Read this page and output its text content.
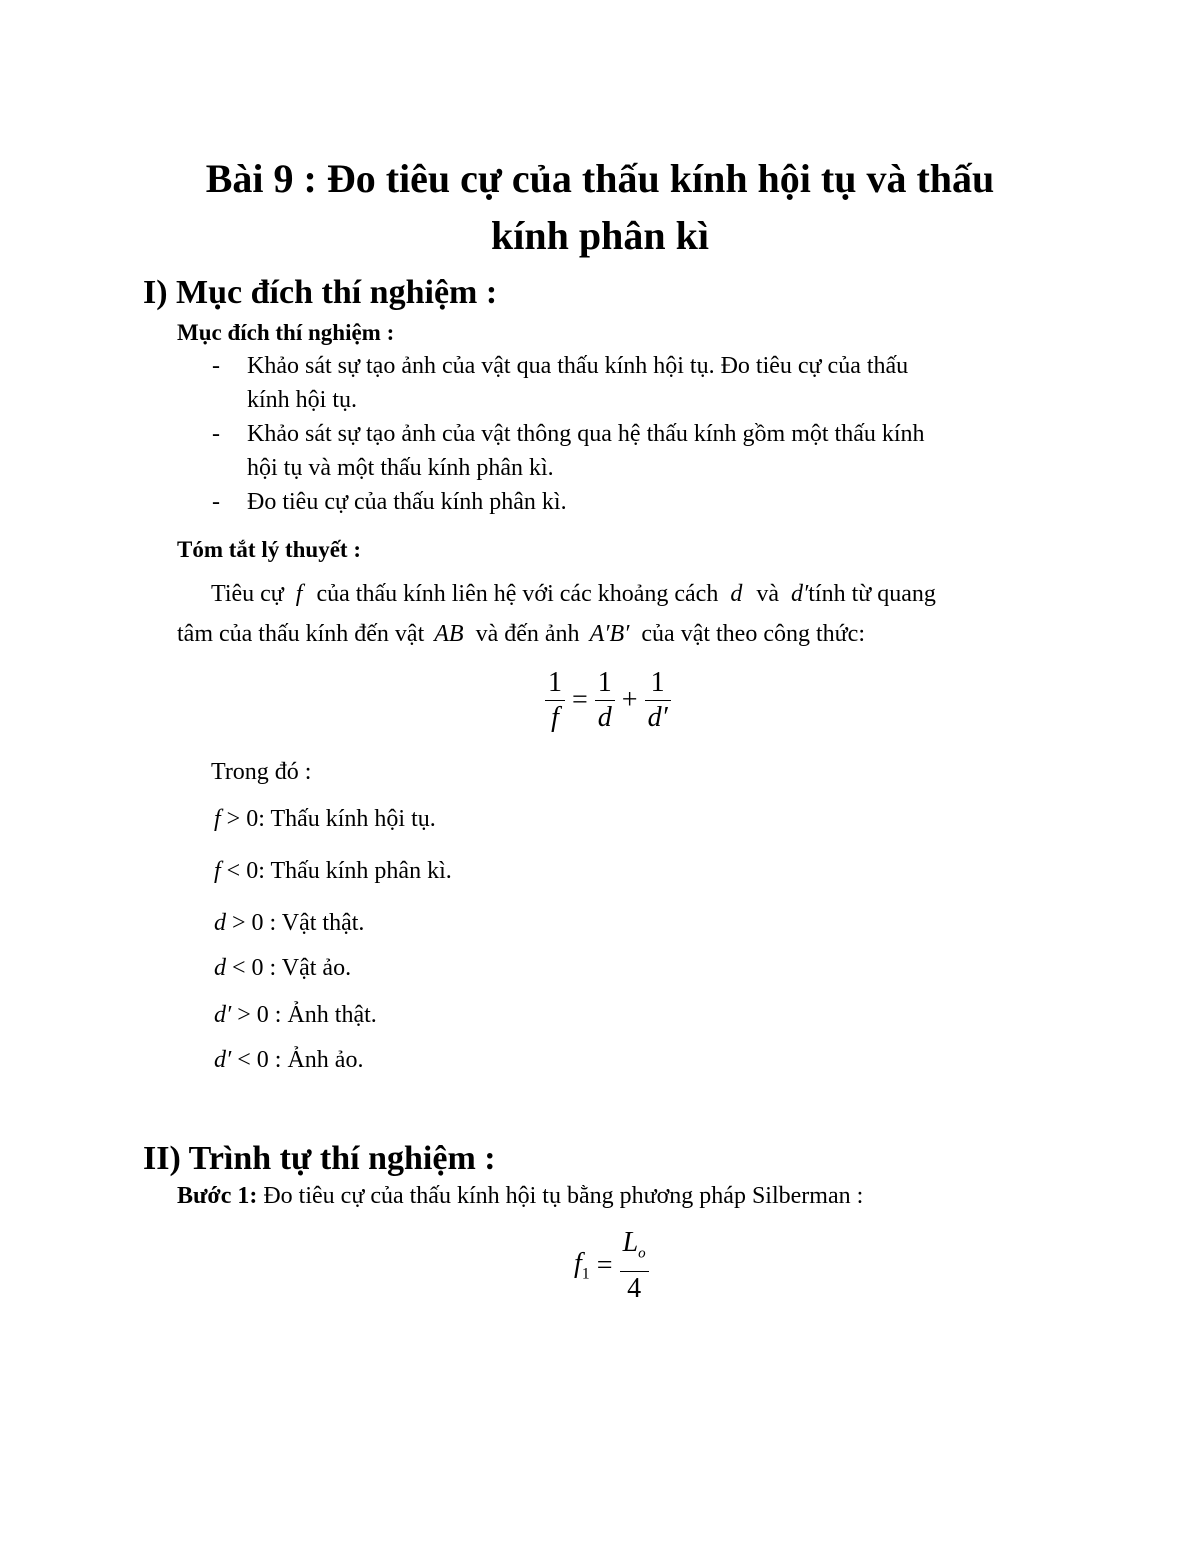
Bài 9 : Đo tiêu cự của thấu kính hội tụ và thấu
kính phân kì
I) Mục đích thí nghiệm :
Mục đích thí nghiệm :
- Khảo sát sự tạo ảnh của vật qua thấu kính hội tụ. Đo tiêu cự của thấu
kính hội tụ.
- Khảo sát sự tạo ảnh của vật thông qua hệ thấu kính gồm một thấu kính
hội tụ và một thấu kính phân kì.
- Đo tiêu cự của thấu kính phân kì.
Tóm tắt lý thuyết :
Tiêu cự f của thấu kính liên hệ với các khoảng cách d và d′tính từ quang
tâm của thấu kính đến vật AB và đến ảnh A′B′ của vật theo công thức:
$\frac{1}{f} = \frac{1}{d} + \frac{1}{d'}$
Trong đó :
f > 0: Thấu kính hội tụ.
f < 0: Thấu kính phân kì.
d > 0 : Vật thật.
d < 0 : Vật ảo.
d′ > 0 : Ảnh thật.
d′ < 0 : Ảnh ảo.
II) Trình tự thí nghiệm :
Bước 1: Đo tiêu cự của thấu kính hội tụ bằng phương pháp Silberman :
$f_1 = \frac{L_o}{4}$
